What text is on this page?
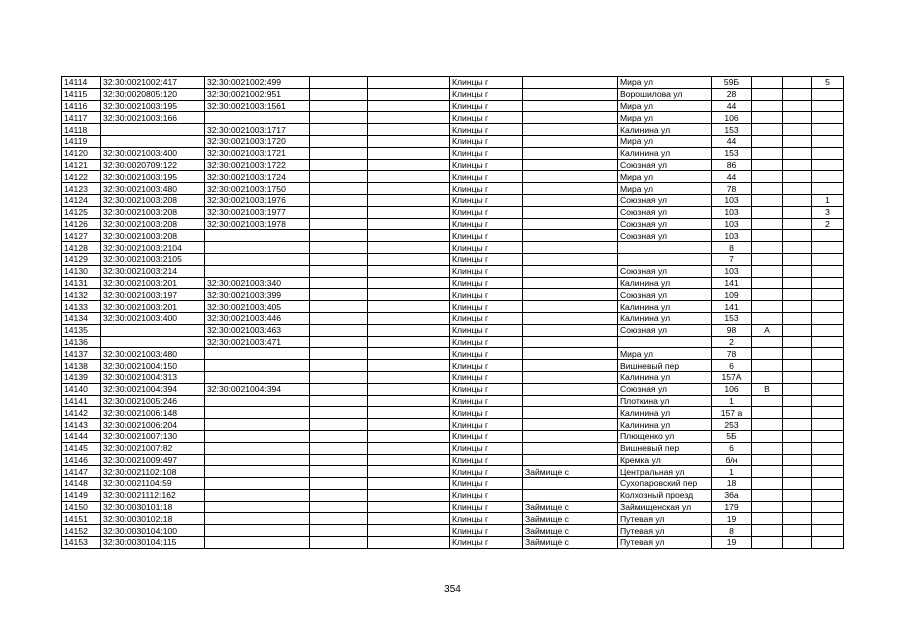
14114	32:30:0021002:417	32:30:0021002:499			Клинцы г		Мира ул	59Б			5
14115	32:30:0020805:120	32:30:0021002:951			Клинцы г		Ворошилова ул	28			
14116	32:30:0021003:195	32:30:0021003:1561			Клинцы г		Мира ул	44			
14117	32:30:0021003:166				Клинцы г		Мира ул	106			
14118		32:30:0021003:1717			Клинцы г		Калинина ул	153			
14119		32:30:0021003:1720			Клинцы г		Мира ул	44			
14120	32:30:0021003:400	32:30:0021003:1721			Клинцы г		Калинина ул	153			
14121	32:30:0020709:122	32:30:0021003:1722			Клинцы г		Союзная ул	86			
14122	32:30:0021003:195	32:30:0021003:1724			Клинцы г		Мира ул	44			
14123	32:30:0021003:480	32:30:0021003:1750			Клинцы г		Мира ул	78			
14124	32:30:0021003:208	32:30:0021003:1976			Клинцы г		Союзная ул	103			1
14125	32:30:0021003:208	32:30:0021003:1977			Клинцы г		Союзная ул	103			3
14126	32:30:0021003:208	32:30:0021003:1978			Клинцы г		Союзная ул	103			2
14127	32:30:0021003:208				Клинцы г		Союзная ул	103			
14128	32:30:0021003:2104				Клинцы г			8			
14129	32:30:0021003:2105				Клинцы г			7			
14130	32:30:0021003:214				Клинцы г		Союзная ул	103			
14131	32:30:0021003:201	32:30:0021003:340			Клинцы г		Калинина ул	141			
14132	32:30:0021003:197	32:30:0021003:399			Клинцы г		Союзная ул	109			
14133	32:30:0021003:201	32:30:0021003:405			Клинцы г		Калинина ул	141			
14134	32:30:0021003:400	32:30:0021003:446			Клинцы г		Калинина ул	153			
14135		32:30:0021003:463			Клинцы г		Союзная ул	98	А		
14136		32:30:0021003:471			Клинцы г			2			
14137	32:30:0021003:480				Клинцы г		Мира ул	78			
14138	32:30:0021004:150				Клинцы г		Вишневый пер	6			
14139	32:30:0021004:313				Клинцы г		Калинина ул	157А			
14140	32:30:0021004:394	32:30:0021004:394			Клинцы г		Союзная ул	106	В		
14141	32:30:0021005:246				Клинцы г		Плоткина ул	1			
14142	32:30:0021006:148				Клинцы г		Калинина ул	157 а			
14143	32:30:0021006:204				Клинцы г		Калинина ул	253			
14144	32:30:0021007:130				Клинцы г		Плющенко ул	5Б			
14145	32:30:0021007:82				Клинцы г		Вишневый пер	6			
14146	32:30:0021009:497				Клинцы г		Кремка ул	б/н			
14147	32:30:0021102:108				Клинцы г	Займище с	Центральная ул	1			
14148	32:30:0021104:59				Клинцы г		Сухопаровский пер	18			
14149	32:30:0021112:162				Клинцы г		Колхозный проезд	36а			
14150	32:30:0030101:18				Клинцы г	Займище с	Займищенская ул	179			
14151	32:30:0030102:18				Клинцы г	Займище с	Путевая ул	19			
14152	32:30:0030104:100				Клинцы г	Займище с	Путевая ул	8			
14153	32:30:0030104:115				Клинцы г	Займище с	Путевая ул	19			
354
